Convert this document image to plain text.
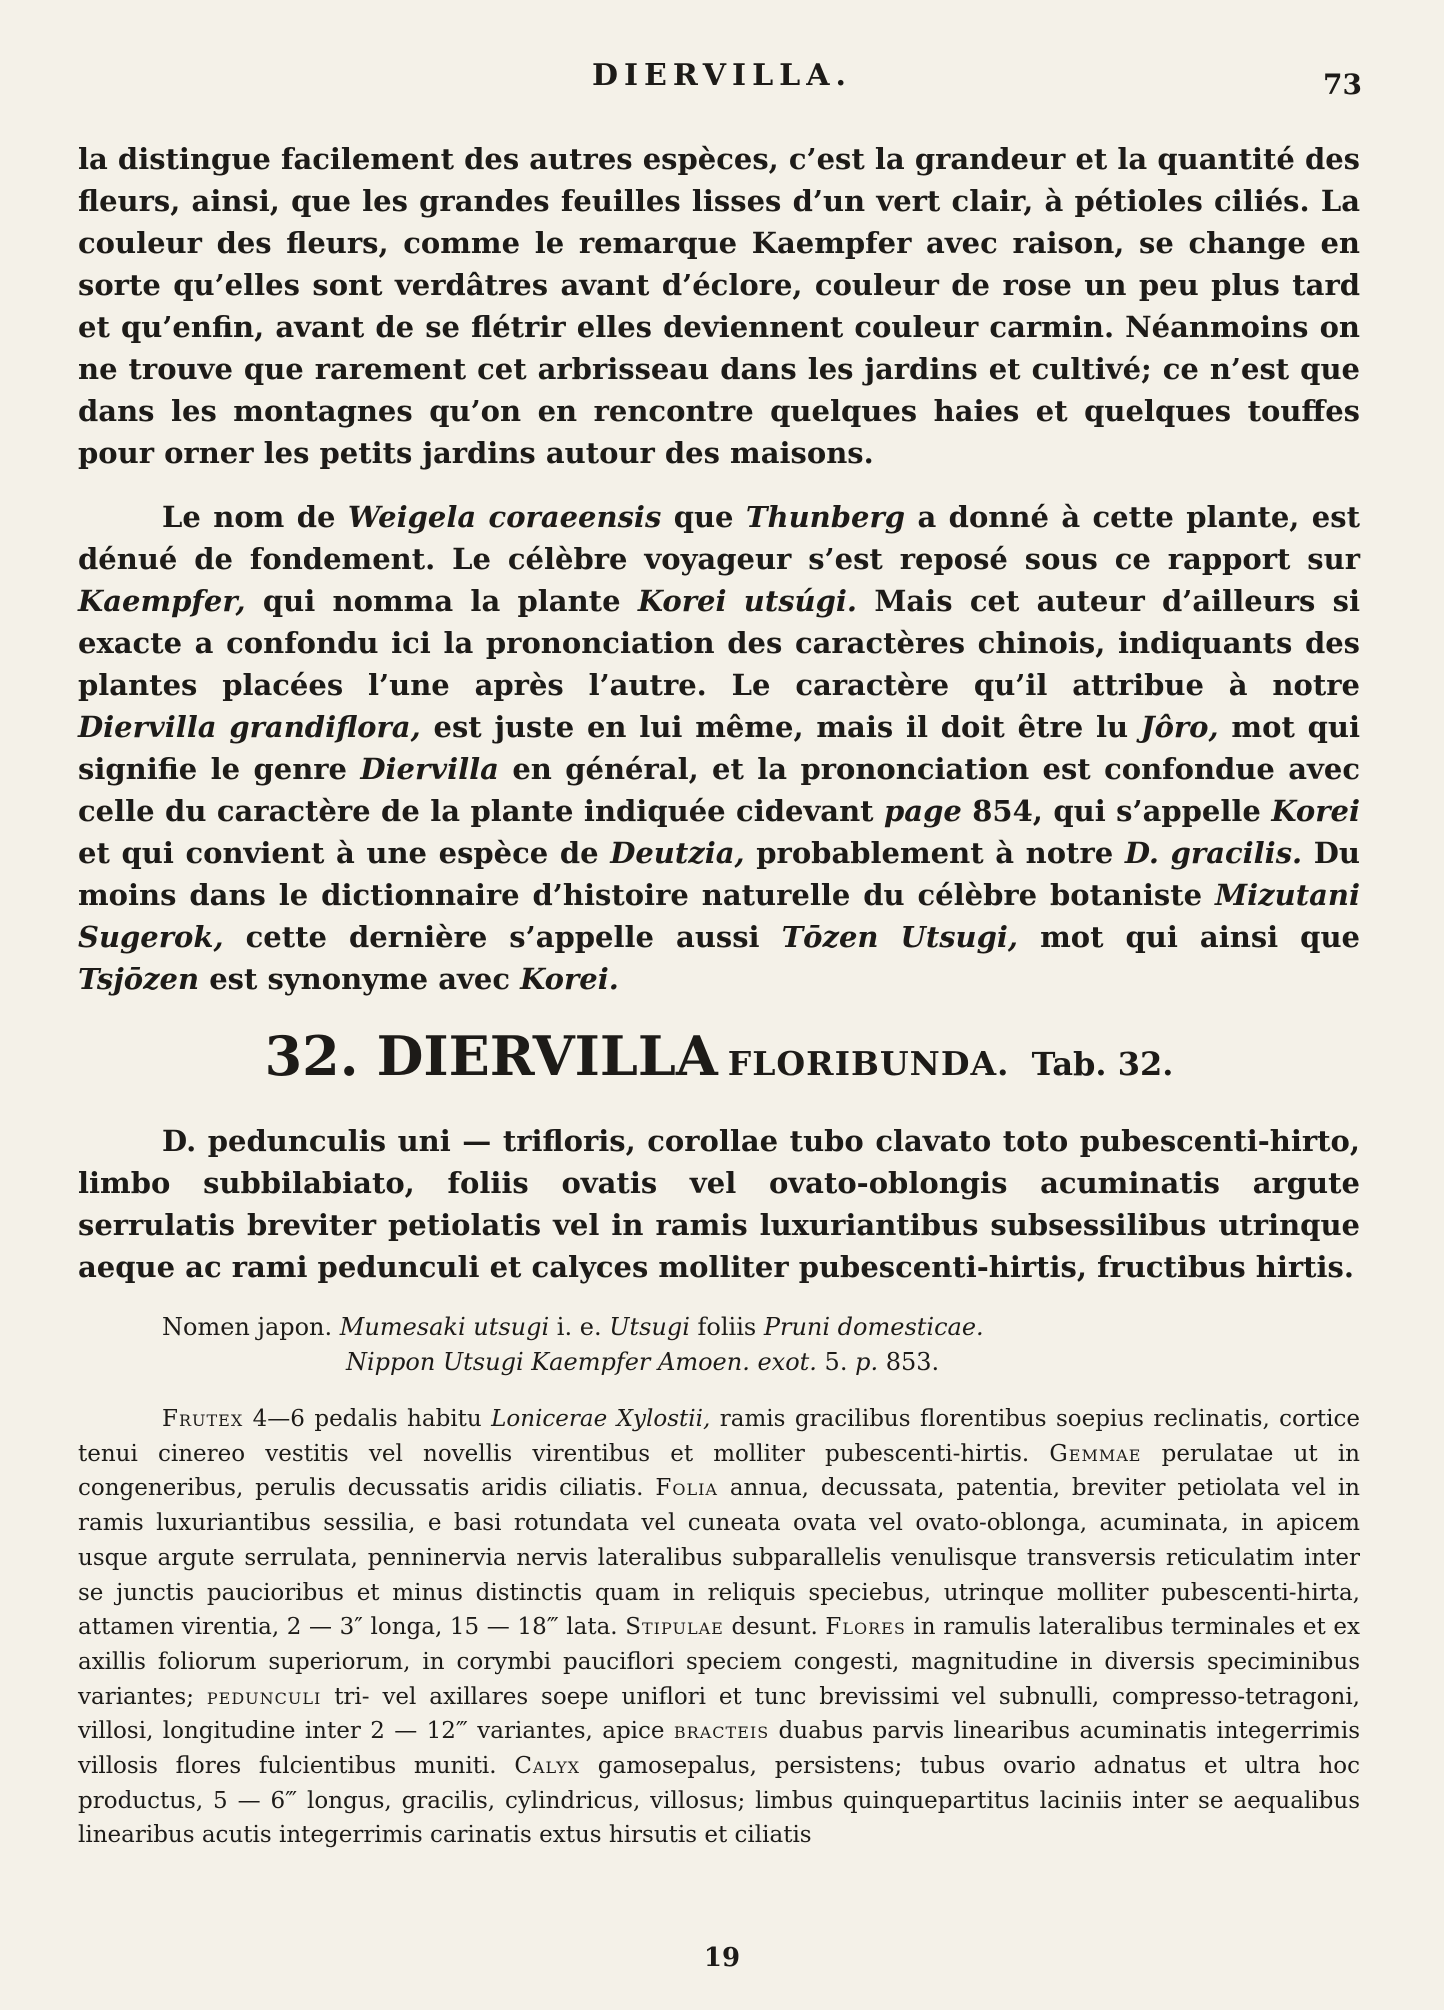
DIERVILLA.	73

la distingue facilement des autres espèces, c’est la grandeur et la quantité des fleurs, ainsi, que les grandes feuilles lisses d’un vert clair, à pétioles ciliés. La couleur des fleurs, comme le remarque Kaempfer avec raison, se change en sorte qu’elles sont verdâtres avant d’éclore, couleur de rose un peu plus tard et qu’enfin, avant de se flétrir elles deviennent couleur carmin. Néanmoins on ne trouve que rarement cet arbrisseau dans les jardins et cultivé; ce n’est que dans les montagnes qu’on en rencontre quelques haies et quelques touffes pour orner les petits jardins autour des maisons.

Le nom de Weigela coraeensis que Thunberg a donné à cette plante, est dénué de fondement. Le célèbre voyageur s’est reposé sous ce rapport sur Kaempfer, qui nomma la plante Korei utsúgi. Mais cet auteur d’ailleurs si exacte a confondu ici la prononciation des caractères chinois, indiquants des plantes placées l’une après l’autre. Le caractère qu’il attribue à notre Diervilla grandiflora, est juste en lui même, mais il doit être lu Jôro, mot qui signifie le genre Diervilla en général, et la prononciation est confondue avec celle du caractère de la plante indiquée cidevant page 854, qui s’appelle Korei et qui convient à une espèce de Deutzia, probablement à notre D. gracilis. Du moins dans le dictionnaire d’histoire naturelle du célèbre botaniste Mizutani Sugerok, cette dernière s’appelle aussi Tōzen Utsugi, mot qui ainsi que Tsjōzen est synonyme avec Korei.

32. DIERVILLA FLORIBUNDA. Tab. 32.

D. pedunculis uni — trifloris, corollae tubo clavato toto pubescenti-hirto, limbo subbilabiato, foliis ovatis vel ovato-oblongis acuminatis argute serrulatis breviter petiolatis vel in ramis luxuriantibus subsessilibus utrinque aeque ac rami pedunculi et calyces molliter pubescenti-hirtis, fructibus hirtis.

Nomen japon. Mumesaki utsugi i. e. Utsugi foliis Pruni domesticae.
Nippon Utsugi Kaempfer Amoen. exot. 5. p. 853.

Frutex 4—6 pedalis habitu Lonicerae Xylostii, ramis gracilibus florentibus soepius reclinatis, cortice tenui cinereo vestitis vel novellis virentibus et molliter pubescenti-hirtis. Gemmae perulatae ut in congeneribus, perulis decussatis aridis ciliatis. Folia annua, decussata, patentia, breviter petiolata vel in ramis luxuriantibus sessilia, e basi rotundata vel cuneata ovata vel ovato-oblonga, acuminata, in apicem usque argute serrulata, penninervia nervis lateralibus subparallelis venulisque transversis reticulatim inter se junctis paucioribus et minus distinctis quam in reliquis speciebus, utrinque molliter pubescenti-hirta, attamen virentia, 2 — 3″ longa, 15 — 18‴ lata. Stipulae desunt. Flores in ramulis lateralibus terminales et ex axillis foliorum superiorum, in corymbi pauciflori speciem congesti, magnitudine in diversis speciminibus variantes; pedunculi tri- vel axillares soepe uniflori et tunc brevissimi vel subnulli, compresso-tetragoni, villosi, longitudine inter 2 — 12‴ variantes, apice bracteis duabus parvis linearibus acuminatis integerrimis villosis flores fulcientibus muniti. Calyx gamosepalus, persistens; tubus ovario adnatus et ultra hoc productus, 5 — 6‴ longus, gracilis, cylindricus, villosus; limbus quinquepartitus laciniis inter se aequalibus linearibus acutis integerrimis carinatis extus hirsutis et ciliatis

19
